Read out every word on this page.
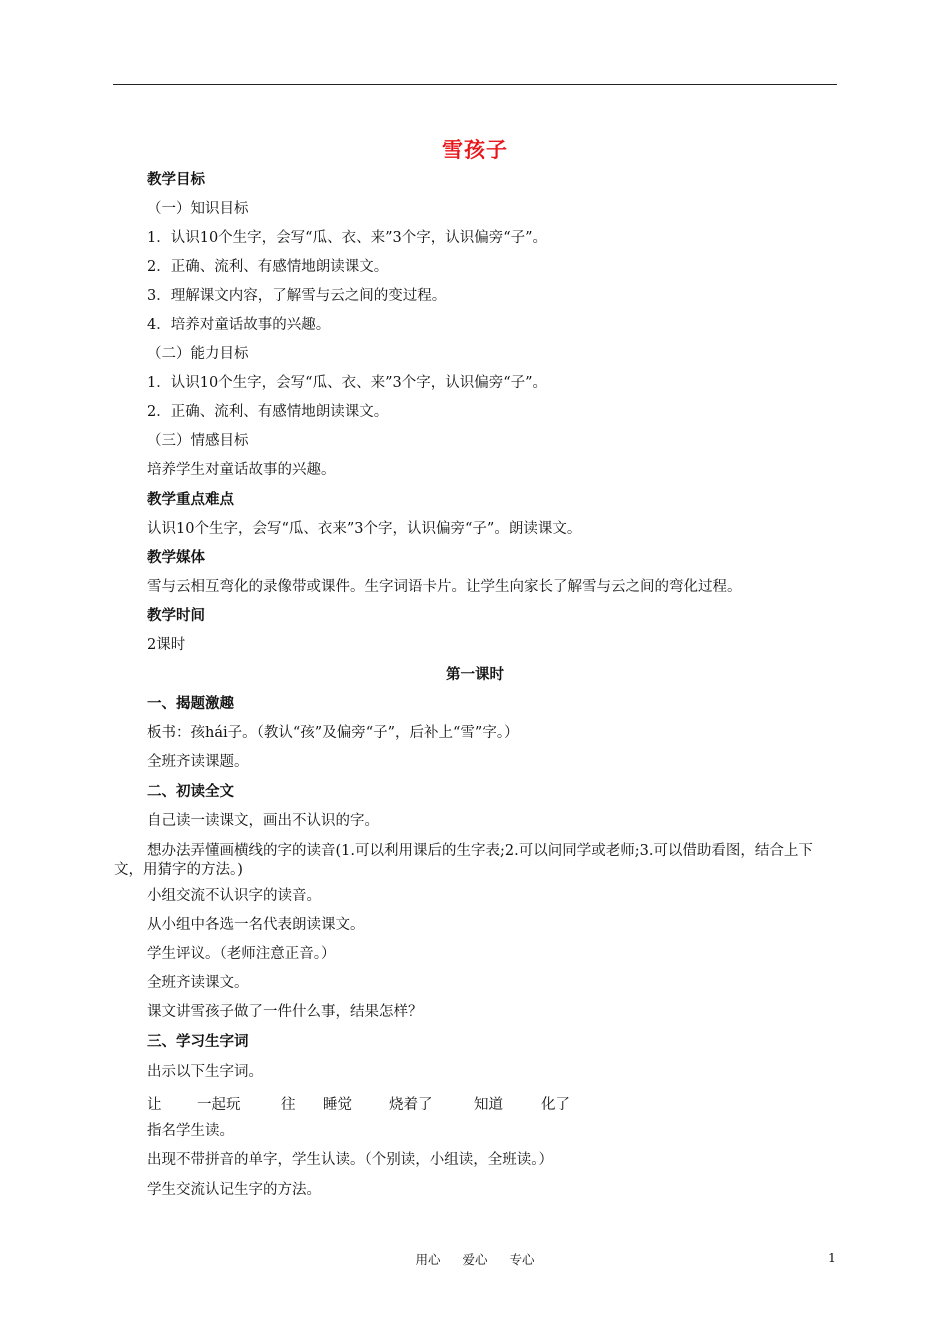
雪孩子
教学目标
（一）知识目标
1．认识10个生字，会写“瓜、衣、来”3个字，认识偏旁“子”。
2．正确、流利、有感情地朗读课文。
3．理解课文内容，了解雪与云之间的变过程。
4．培养对童话故事的兴趣。
（二）能力目标
1．认识10个生字，会写“瓜、衣、来”3个字，认识偏旁“子”。
2．正确、流利、有感情地朗读课文。
（三）情感目标
培养学生对童话故事的兴趣。
教学重点难点
认识10个生字，会写“瓜、衣来”3个字，认识偏旁“子”。朗读课文。
教学媒体
雪与云相互弯化的录像带或课件。生字词语卡片。让学生向家长了解雪与云之间的弯化过程。
教学时间
2课时
第一课时
一、揭题激趣
板书：孩hái子。（教认“孩”及偏旁“子”，后补上“雪”字。）
全班齐读课题。
二、初读全文
自己读一读课文，画出不认识的字。
想办法弄懂画横线的字的读音(1.可以利用课后的生字表;2.可以问同学或老师;3.可以借助看图，结合上下文，用猜字的方法。)
小组交流不认识字的读音。
从小组中各选一名代表朗读课文。
学生评议。（老师注意正音。）
全班齐读课文。
课文讲雪孩子做了一件什么事，结果怎样？
三、学习生字词
出示以下生字词。
让 一起玩	往 睡觉	烧着了	知道	化了
指名学生读。
出现不带拼音的单字，学生认读。（个别读，小组读，全班读。）
学生交流认记生字的方法。
用心 爱心 专心	1
